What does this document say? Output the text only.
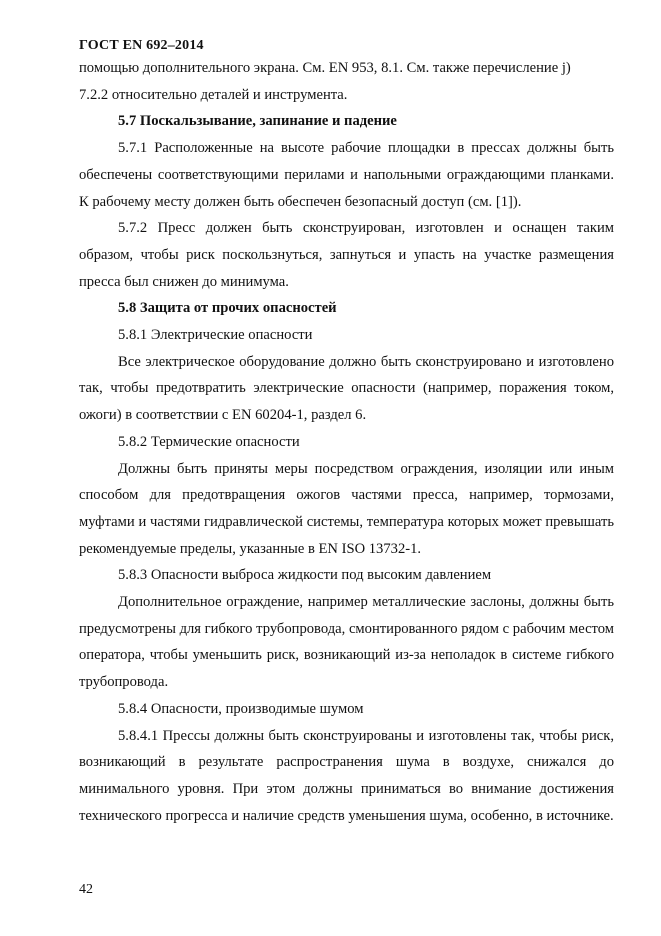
ГОСТ EN 692–2014

помощью дополнительного экрана. См. EN 953, 8.1. См. также перечисление j)

7.2.2 относительно деталей и инструмента.

5.7 Поскальзывание, запинание и падение

5.7.1 Расположенные на высоте рабочие площадки в прессах должны быть обеспечены соответствующими перилами и напольными ограждающими планками. К рабочему месту должен быть обеспечен безопасный доступ (см. [1]).

5.7.2 Пресс должен быть сконструирован, изготовлен и оснащен таким образом, чтобы риск поскользнуться, запнуться и упасть на участке размещения пресса был снижен до минимума.

5.8 Защита от прочих опасностей

5.8.1 Электрические опасности

Все электрическое оборудование должно быть сконструировано и изготовлено так, чтобы предотвратить электрические опасности (например, поражения током, ожоги) в соответствии с EN 60204-1, раздел 6.

5.8.2 Термические опасности

Должны быть приняты меры посредством ограждения, изоляции или иным способом для предотвращения ожогов частями пресса, например, тормозами, муфтами и частями гидравлической системы, температура которых может превышать рекомендуемые пределы, указанные в EN ISO 13732-1.

5.8.3 Опасности выброса жидкости под высоким давлением

Дополнительное ограждение, например металлические заслоны, должны быть предусмотрены для гибкого трубопровода, смонтированного рядом с рабочим местом оператора, чтобы уменьшить риск, возникающий из-за неполадок в системе гибкого трубопровода.

5.8.4 Опасности, производимые шумом

5.8.4.1 Прессы должны быть сконструированы и изготовлены так, чтобы риск, возникающий в результате распространения шума в воздухе, снижался до минимального уровня. При этом должны приниматься во внимание достижения технического прогресса и наличие средств уменьшения шума, особенно, в источнике.

42
